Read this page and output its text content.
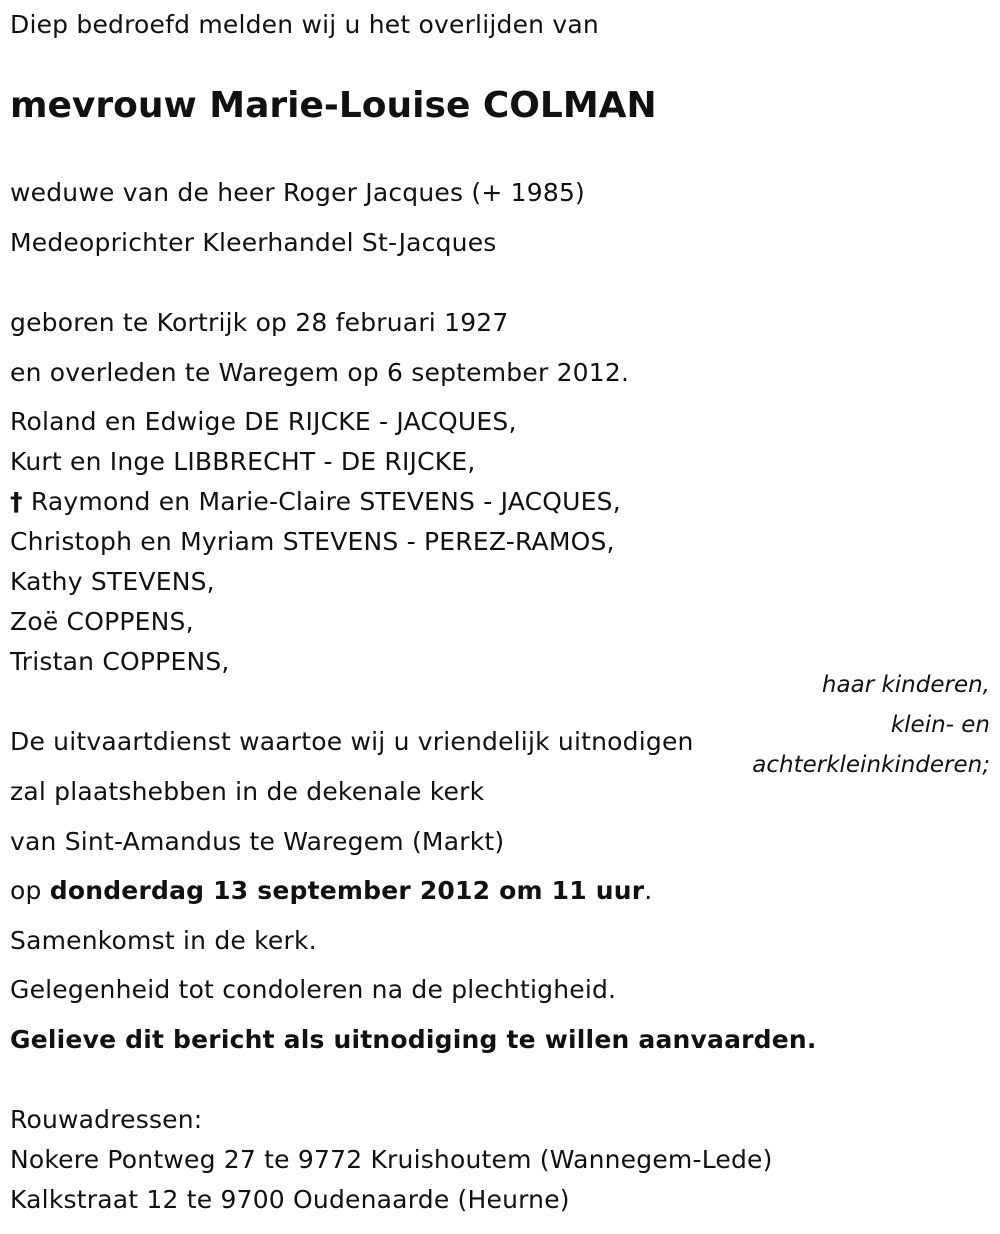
Diep bedroefd melden wij u het overlijden van
mevrouw Marie-Louise COLMAN
weduwe van de heer Roger Jacques (+ 1985)
Medeoprichter Kleerhandel St-Jacques
geboren te Kortrijk op 28 februari 1927
en overleden te Waregem op 6 september 2012.
Roland en Edwige DE RIJCKE - JACQUES,
Kurt en Inge LIBBRECHT - DE RIJCKE,
† Raymond en Marie-Claire STEVENS - JACQUES,
Christoph en Myriam STEVENS - PEREZ-RAMOS,
Kathy STEVENS,
Zoë COPPENS,
Tristan COPPENS,
haar kinderen,
klein- en
achterkleinkinderen;
De uitvaartdienst waartoe wij u vriendelijk uitnodigen
zal plaatshebben in de dekenale kerk
van Sint-Amandus te Waregem (Markt)
op donderdag 13 september 2012 om 11 uur.
Samenkomst in de kerk.
Gelegenheid tot condoleren na de plechtigheid.
Gelieve dit bericht als uitnodiging te willen aanvaarden.
Rouwadressen:
Nokere Pontweg 27 te 9772 Kruishoutem (Wannegem-Lede)
Kalkstraat 12 te 9700 Oudenaarde (Heurne)
